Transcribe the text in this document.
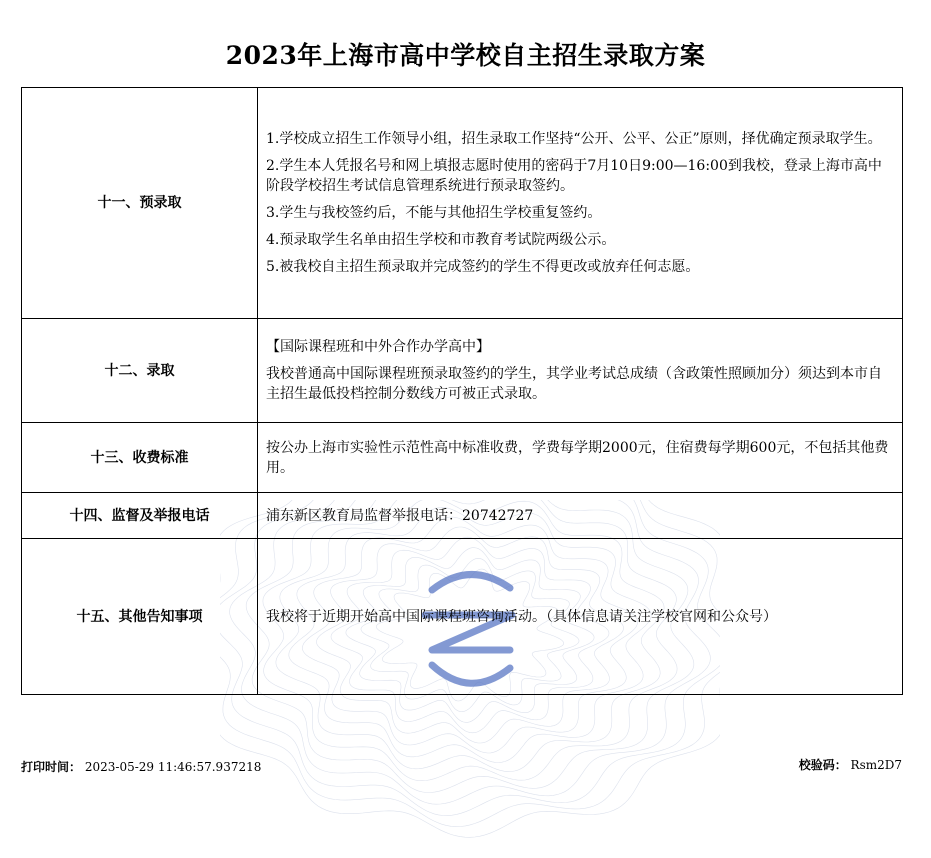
2023年上海市高中学校自主招生录取方案
十一、预录取	1.学校成立招生工作领导小组，招生录取工作坚持“公开、公平、公正”原则，择优确定预录取学生。

2.学生本人凭报名号和网上填报志愿时使用的密码于7月10日9:00—16:00到我校，登录上海市高中阶段学校招生考试信息管理系统进行预录取签约。

3.学生与我校签约后，不能与其他招生学校重复签约。

4.预录取学生名单由招生学校和市教育考试院两级公示。

5.被我校自主招生预录取并完成签约的学生不得更改或放弃任何志愿。

十二、录取	【国际课程班和中外合作办学高中】

我校普通高中国际课程班预录取签约的学生，其学业考试总成绩（含政策性照顾加分）须达到本市自主招生最低投档控制分数线方可被正式录取。

十三、收费标准	按公办上海市实验性示范性高中标准收费，学费每学期2000元，住宿费每学期600元，不包括其他费用。

十四、监督及举报电话	浦东新区教育局监督举报电话：20742727

十五、其他告知事项	我校将于近期开始高中国际课程班咨询活动。（具体信息请关注学校官网和公众号）

打印时间： 2023-05-29 11:46:57.937218	校验码： Rsm2D7
